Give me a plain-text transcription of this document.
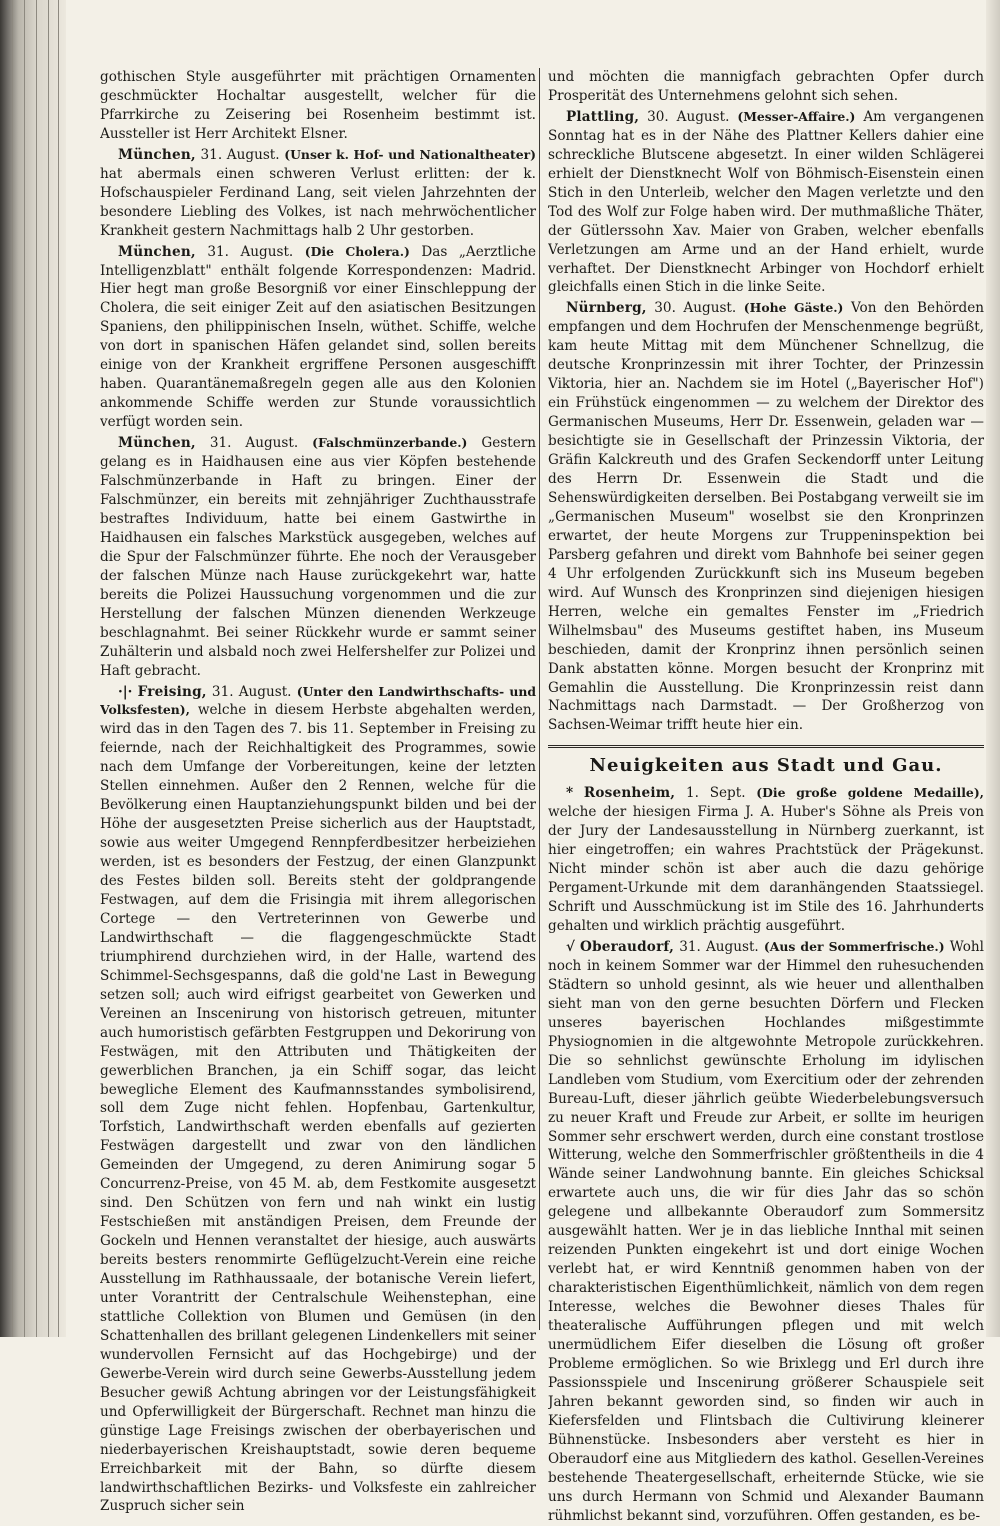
gothischen Style ausgeführter mit prächtigen Ornamenten geschmückter Hochaltar ausgestellt, welcher für die Pfarrkirche zu Zeisering bei Rosenheim bestimmt ist. Aussteller ist Herr Architekt Elsner.

München, 31. August. (Unser k. Hof- und Nationaltheater) hat abermals einen schweren Verlust erlitten: der k. Hofschauspieler Ferdinand Lang, seit vielen Jahrzehnten der besondere Liebling des Volkes, ist nach mehrwöchentlicher Krankheit gestern Nachmittags halb 2 Uhr gestorben.

München, 31. August. (Die Cholera.) Das „Aerztliche Intelligenzblatt" enthält folgende Korrespondenzen: Madrid. Hier hegt man große Besorgniß vor einer Einschleppung der Cholera, die seit einiger Zeit auf den asiatischen Besitzungen Spaniens, den philippinischen Inseln, wüthet. Schiffe, welche von dort in spanischen Häfen gelandet sind, sollen bereits einige von der Krankheit ergriffene Personen ausgeschifft haben. Quarantänemaßregeln gegen alle aus den Kolonien ankommende Schiffe werden zur Stunde voraussichtlich verfügt worden sein.

München, 31. August. (Falschmünzerbande.) Gestern gelang es in Haidhausen eine aus vier Köpfen bestehende Falschmünzerbande in Haft zu bringen. Einer der Falschmünzer, ein bereits mit zehnjähriger Zuchthausstrafe bestraftes Individuum, hatte bei einem Gastwirthe in Haidhausen ein falsches Markstück ausgegeben, welches auf die Spur der Falschmünzer führte. Ehe noch der Verausgeber der falschen Münze nach Hause zurückgekehrt war, hatte bereits die Polizei Haussuchung vorgenommen und die zur Herstellung der falschen Münzen dienenden Werkzeuge beschlagnahmt. Bei seiner Rückkehr wurde er sammt seiner Zuhälterin und alsbald noch zwei Helfershelfer zur Polizei und Haft gebracht.

·|· Freising, 31. August. (Unter den Landwirthschafts- und Volksfesten), welche in diesem Herbste abgehalten werden, wird das in den Tagen des 7. bis 11. September in Freising zu feiernde, nach der Reichhaltigkeit des Programmes, sowie nach dem Umfange der Vorbereitungen, keine der letzten Stellen einnehmen. Außer den 2 Rennen, welche für die Bevölkerung einen Hauptanziehungspunkt bilden und bei der Höhe der ausgesetzten Preise sicherlich aus der Hauptstadt, sowie aus weiter Umgegend Rennpferdbesitzer herbeiziehen werden, ist es besonders der Festzug, der einen Glanzpunkt des Festes bilden soll. Bereits steht der goldprangende Festwagen, auf dem die Frisingia mit ihrem allegorischen Cortege — den Vertreterinnen von Gewerbe und Landwirthschaft — die flaggengeschmückte Stadt triumphirend durchziehen wird, in der Halle, wartend des Schimmel-Sechsgespanns, daß die gold'ne Last in Bewegung setzen soll; auch wird eifrigst gearbeitet von Gewerken und Vereinen an Inscenirung von historisch getreuen, mitunter auch humoristisch gefärbten Festgruppen und Dekorirung von Festwägen, mit den Attributen und Thätigkeiten der gewerblichen Branchen, ja ein Schiff sogar, das leicht bewegliche Element des Kaufmannsstandes symbolisirend, soll dem Zuge nicht fehlen. Hopfenbau, Gartenkultur, Torfstich, Landwirthschaft werden ebenfalls auf gezierten Festwägen dargestellt und zwar von den ländlichen Gemeinden der Umgegend, zu deren Animirung sogar 5 Concurrenz-Preise, von 45 M. ab, dem Festkomite ausgesetzt sind. Den Schützen von fern und nah winkt ein lustig Festschießen mit anständigen Preisen, dem Freunde der Gockeln und Hennen veranstaltet der hiesige, auch auswärts bereits besters renommirte Geflügelzucht-Verein eine reiche Ausstellung im Rathhaussaale, der botanische Verein liefert, unter Vorantritt der Centralschule Weihenstephan, eine stattliche Collektion von Blumen und Gemüsen (in den Schattenhallen des brillant gelegenen Lindenkellers mit seiner wundervollen Fernsicht auf das Hochgebirge) und der Gewerbe-Verein wird durch seine Gewerbs-Ausstellung jedem Besucher gewiß Achtung abringen vor der Leistungsfähigkeit und Opferwilligkeit der Bürgerschaft. Rechnet man hinzu die günstige Lage Freisings zwischen der oberbayerischen und niederbayerischen Kreishauptstadt, sowie deren bequeme Erreichbarkeit mit der Bahn, so dürfte diesem landwirthschaftlichen Bezirks- und Volksfeste ein zahlreicher Zuspruch sicher sein

und möchten die mannigfach gebrachten Opfer durch Prosperität des Unternehmens gelohnt sich sehen.

Plattling, 30. August. (Messer-Affaire.) Am vergangenen Sonntag hat es in der Nähe des Plattner Kellers dahier eine schreckliche Blutscene abgesetzt. In einer wilden Schlägerei erhielt der Dienstknecht Wolf von Böhmisch-Eisenstein einen Stich in den Unterleib, welcher den Magen verletzte und den Tod des Wolf zur Folge haben wird. Der muthmaßliche Thäter, der Gütlerssohn Xav. Maier von Graben, welcher ebenfalls Verletzungen am Arme und an der Hand erhielt, wurde verhaftet. Der Dienstknecht Arbinger von Hochdorf erhielt gleichfalls einen Stich in die linke Seite.

Nürnberg, 30. August. (Hohe Gäste.) Von den Behörden empfangen und dem Hochrufen der Menschenmenge begrüßt, kam heute Mittag mit dem Münchener Schnellzug, die deutsche Kronprinzessin mit ihrer Tochter, der Prinzessin Viktoria, hier an. Nachdem sie im Hotel („Bayerischer Hof") ein Frühstück eingenommen — zu welchem der Direktor des Germanischen Museums, Herr Dr. Essenwein, geladen war — besichtigte sie in Gesellschaft der Prinzessin Viktoria, der Gräfin Kalckreuth und des Grafen Seckendorff unter Leitung des Herrn Dr. Essenwein die Stadt und die Sehenswürdigkeiten derselben. Bei Postabgang verweilt sie im „Germanischen Museum" woselbst sie den Kronprinzen erwartet, der heute Morgens zur Truppeninspektion bei Parsberg gefahren und direkt vom Bahnhofe bei seiner gegen 4 Uhr erfolgenden Zurückkunft sich ins Museum begeben wird. Auf Wunsch des Kronprinzen sind diejenigen hiesigen Herren, welche ein gemaltes Fenster im „Friedrich Wilhelmsbau" des Museums gestiftet haben, ins Museum beschieden, damit der Kronprinz ihnen persönlich seinen Dank abstatten könne. Morgen besucht der Kronprinz mit Gemahlin die Ausstellung. Die Kronprinzessin reist dann Nachmittags nach Darmstadt. — Der Großherzog von Sachsen-Weimar trifft heute hier ein.

Neuigkeiten aus Stadt und Gau.

* Rosenheim, 1. Sept. (Die große goldene Medaille), welche der hiesigen Firma J. A. Huber's Söhne als Preis von der Jury der Landesausstellung in Nürnberg zuerkannt, ist hier eingetroffen; ein wahres Prachtstück der Prägekunst. Nicht minder schön ist aber auch die dazu gehörige Pergament-Urkunde mit dem daranhängenden Staatssiegel. Schrift und Ausschmückung ist im Stile des 16. Jahrhunderts gehalten und wirklich prächtig ausgeführt.

√ Oberaudorf, 31. August. (Aus der Sommerfrische.) Wohl noch in keinem Sommer war der Himmel den ruhesuchenden Städtern so unhold gesinnt, als wie heuer und allenthalben sieht man von den gerne besuchten Dörfern und Flecken unseres bayerischen Hochlandes mißgestimmte Physiognomien in die altgewohnte Metropole zurückkehren. Die so sehnlichst gewünschte Erholung im idylischen Landleben vom Studium, vom Exercitium oder der zehrenden Bureau-Luft, dieser jährlich geübte Wiederbelebungsversuch zu neuer Kraft und Freude zur Arbeit, er sollte im heurigen Sommer sehr erschwert werden, durch eine constant trostlose Witterung, welche den Sommerfrischler größtentheils in die 4 Wände seiner Landwohnung bannte. Ein gleiches Schicksal erwartete auch uns, die wir für dies Jahr das so schön gelegene und allbekannte Oberaudorf zum Sommersitz ausgewählt hatten. Wer je in das liebliche Innthal mit seinen reizenden Punkten eingekehrt ist und dort einige Wochen verlebt hat, er wird Kenntniß genommen haben von der charakteristischen Eigenthümlichkeit, nämlich von dem regen Interesse, welches die Bewohner dieses Thales für theateralische Aufführungen pflegen und mit welch unermüdlichem Eifer dieselben die Lösung oft großer Probleme ermöglichen. So wie Brixlegg und Erl durch ihre Passionsspiele und Inscenirung größerer Schauspiele seit Jahren bekannt geworden sind, so finden wir auch in Kiefersfelden und Flintsbach die Cultivirung kleinerer Bühnenstücke. Insbesonders aber versteht es hier in Oberaudorf eine aus Mitgliedern des kathol. Gesellen-Vereines bestehende Theatergesellschaft, erheiternde Stücke, wie sie uns durch Hermann von Schmid und Alexander Baumann rühmlichst bekannt sind, vorzuführen. Offen gestanden, es be-
